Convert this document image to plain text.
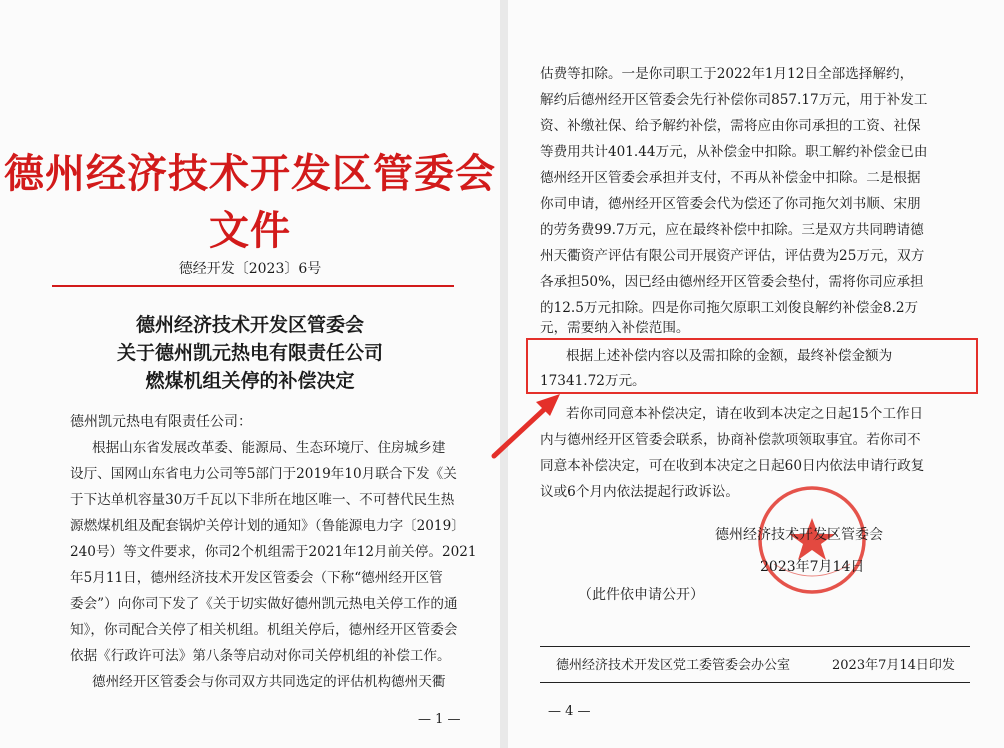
德州经济技术开发区管委会文件
德经开发〔2023〕6号
德州经济技术开发区管委会
关于德州凯元热电有限责任公司
燃煤机组关停的补偿决定
德州凯元热电有限责任公司：
根据山东省发展改革委、能源局、生态环境厅、住房城乡建
设厅、国网山东省电力公司等5部门于2019年10月联合下发《关
于下达单机容量30万千瓦以下非所在地区唯一、不可替代民生热
源燃煤机组及配套锅炉关停计划的通知》（鲁能源电力字〔2019〕
240号）等文件要求，你司2个机组需于2021年12月前关停。2021
年5月11日，德州经济技术开发区管委会（下称“德州经开区管
委会”）向你司下发了《关于切实做好德州凯元热电关停工作的通
知》，你司配合关停了相关机组。机组关停后，德州经开区管委会
依据《行政许可法》第八条等启动对你司关停机组的补偿工作。
德州经开区管委会与你司双方共同选定的评估机构德州天衢
— 1 —
估费等扣除。一是你司职工于2022年1月12日全部选择解约，
解约后德州经开区管委会先行补偿你司857.17万元，用于补发工
资、补缴社保、给予解约补偿，需将应由你司承担的工资、社保
等费用共计401.44万元，从补偿金中扣除。职工解约补偿金已由
德州经开区管委会承担并支付，不再从补偿金中扣除。二是根据
你司申请，德州经开区管委会代为偿还了你司拖欠刘书顺、宋朋
的劳务费99.7万元，应在最终补偿中扣除。三是双方共同聘请德
州天衢资产评估有限公司开展资产评估，评估费为25万元，双方
各承担50%，因已经由德州经开区管委会垫付，需将你司应承担
的12.5万元扣除。四是你司拖欠原职工刘俊良解约补偿金8.2万
元，需要纳入补偿范围。
根据上述补偿内容以及需扣除的金额，最终补偿金额为
17341.72万元。
若你司同意本补偿决定，请在收到本决定之日起15个工作日
内与德州经开区管委会联系，协商补偿款项领取事宜。若你司不
同意本补偿决定，可在收到本决定之日起60日内依法申请行政复
议或6个月内依法提起行政诉讼。
德州经济技术开发区管委会
2023年7月14日
（此件依申请公开）
德州经济技术开发区党工委管委会办公室	2023年7月14日印发
— 4 —
